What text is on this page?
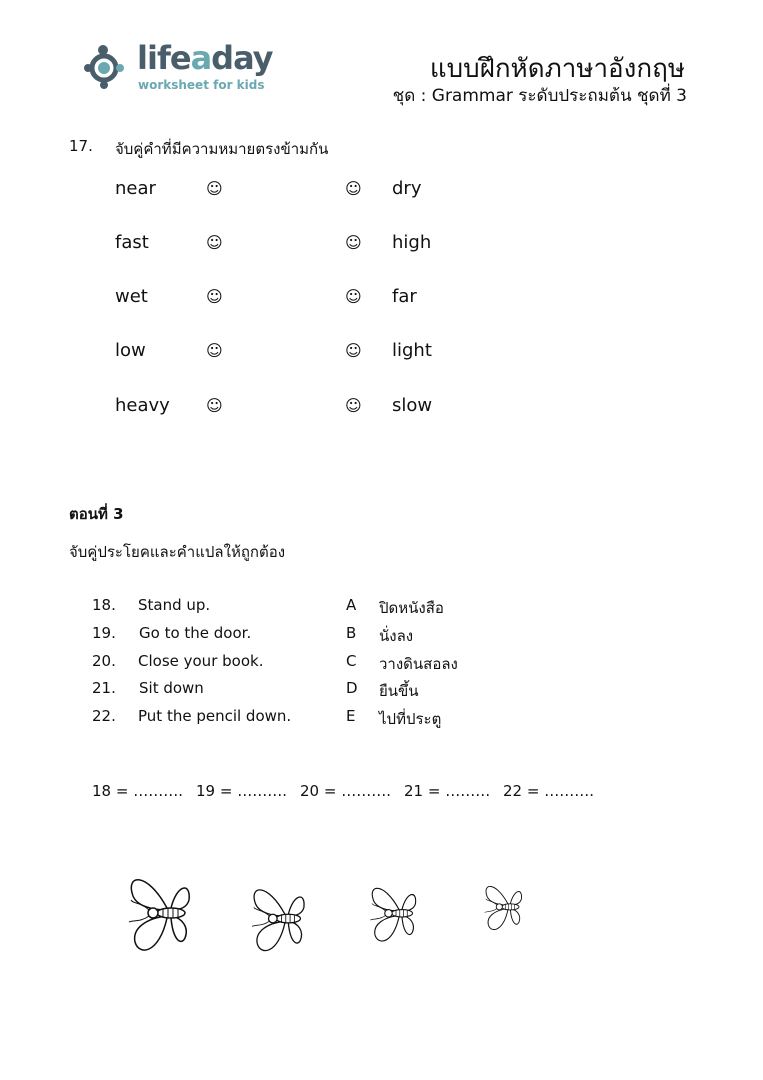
lifeaday
worksheet for kids
แบบฝึกหัดภาษาอังกฤษ
ชุด : Grammar ระดับประถมต้น ชุดที่ 3
17. จับคู่คำที่มีความหมายตรงข้ามกัน
near	☺	☺ dry
fast	☺	☺ high
wet	☺	☺ far
low	☺	☺ light
heavy ☺	☺ slow
ตอนที่ 3
จับคู่ประโยคและคำแปลให้ถูกต้อง
18. Stand up.	A ปิดหนังสือ
19. Go to the door.	B นั่งลง
20. Close your book.	C วางดินสอลง
21. Sit down	D ยืนขึ้น
22. Put the pencil down.	E ไปที่ประตู
18 = ………. 19 = ………. 20 = ………. 21 = ……… 22 = ……….
